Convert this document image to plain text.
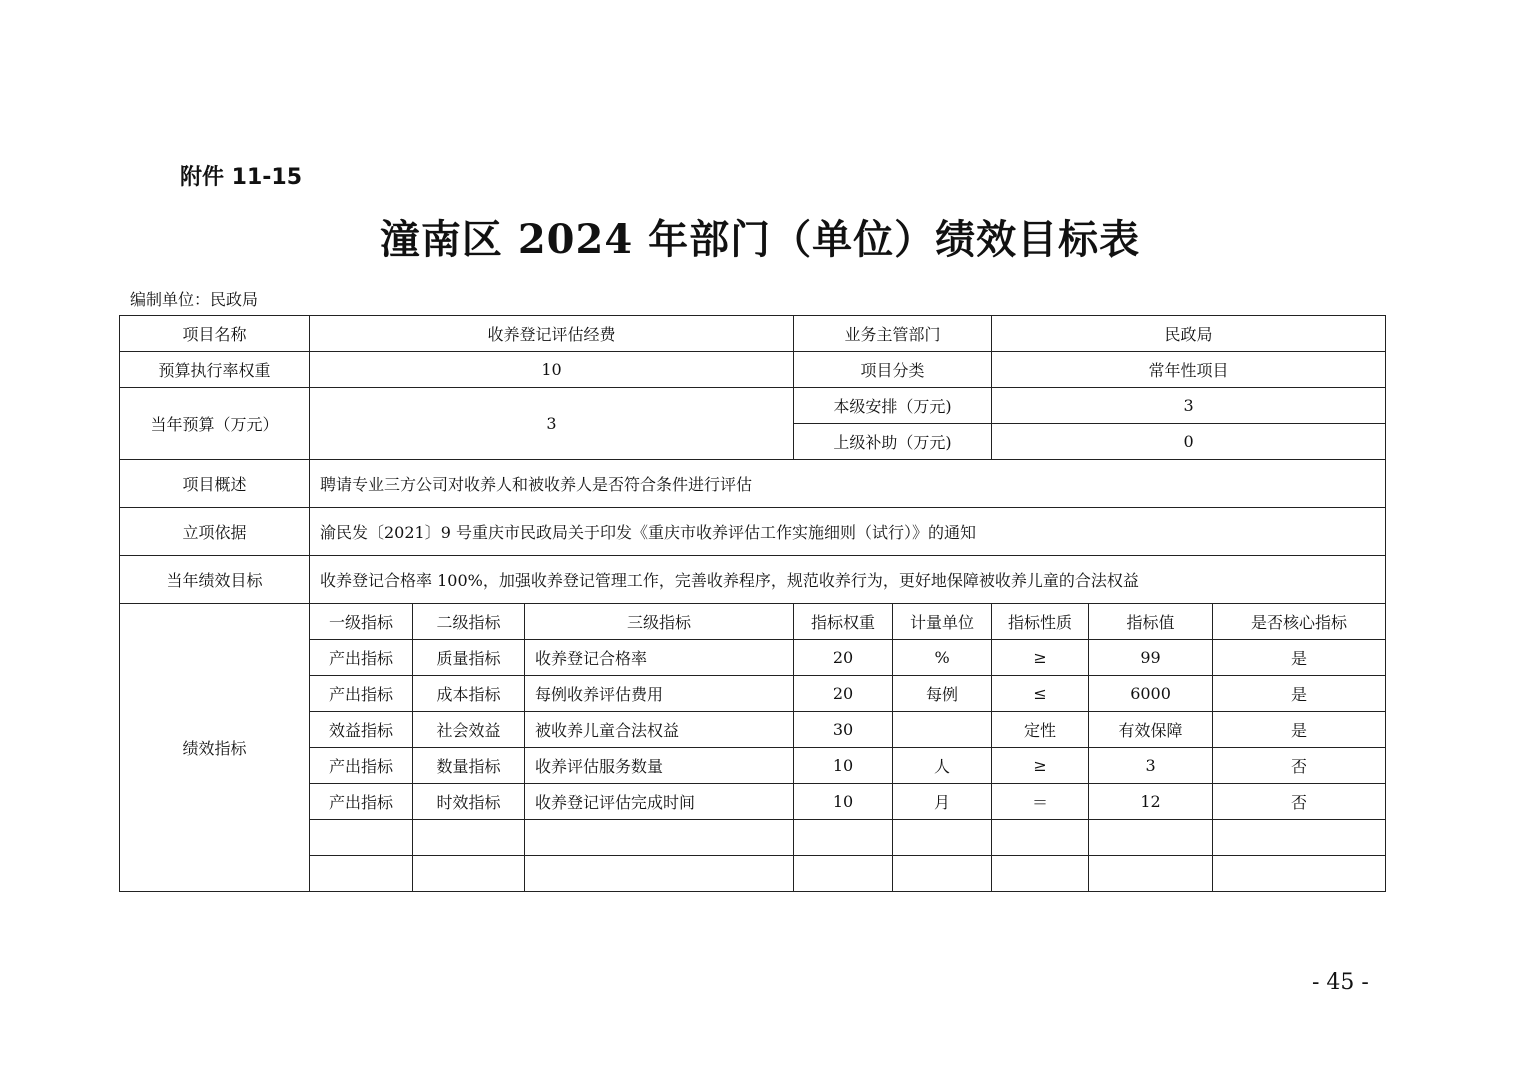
附件 11-15
潼南区 2024 年部门（单位）绩效目标表
编制单位：民政局
项目名称	收养登记评估经费			业务主管部门		民政局		
预算执行率权重	10			项目分类		常年性项目		
当年预算（万元）	3			本级安排（万元)		3		
				上级补助（万元)		0		
项目概述	聘请专业三方公司对收养人和被收养人是否符合条件进行评估							
立项依据	渝民发〔2021〕9 号重庆市民政局关于印发《重庆市收养评估工作实施细则（试行）》的通知							
当年绩效目标	收养登记合格率 100%，加强收养登记管理工作，完善收养程序，规范收养行为，更好地保障被收养儿童的合法权益							
绩效指标	一级指标	二级指标	三级指标	指标权重	计量单位	指标性质	指标值	是否核心指标
	产出指标	质量指标	收养登记合格率	20	%	≥	99	是
	产出指标	成本指标	每例收养评估费用	20	每例	≤	6000	是
	效益指标	社会效益	被收养儿童合法权益	30		定性	有效保障	是
	产出指标	数量指标	收养评估服务数量	10	人	≥	3	否
	产出指标	时效指标	收养登记评估完成时间	10	月	＝	12	否

- 45 -
